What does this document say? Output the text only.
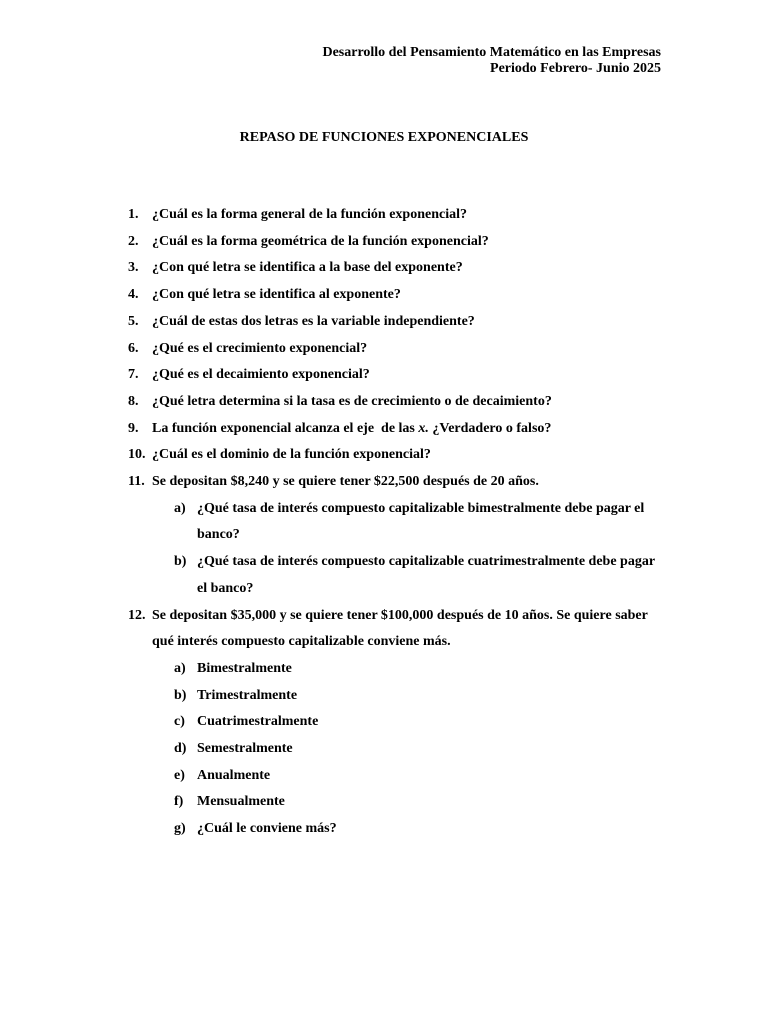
Desarrollo del Pensamiento Matemático en las Empresas
Periodo Febrero- Junio 2025
REPASO DE FUNCIONES EXPONENCIALES
1. ¿Cuál es la forma general de la función exponencial?
2. ¿Cuál es la forma geométrica de la función exponencial?
3. ¿Con qué letra se identifica a la base del exponente?
4. ¿Con qué letra se identifica al exponente?
5. ¿Cuál de estas dos letras es la variable independiente?
6. ¿Qué es el crecimiento exponencial?
7. ¿Qué es el decaimiento exponencial?
8. ¿Qué letra determina si la tasa es de crecimiento o de decaimiento?
9. La función exponencial alcanza el eje  de las x. ¿Verdadero o falso?
10. ¿Cuál es el dominio de la función exponencial?
11. Se depositan $8,240 y se quiere tener $22,500 después de 20 años.
a) ¿Qué tasa de interés compuesto capitalizable bimestralmente debe pagar el banco?
b) ¿Qué tasa de interés compuesto capitalizable cuatrimestralmente debe pagar el banco?
12. Se depositan $35,000 y se quiere tener $100,000 después de 10 años. Se quiere saber qué interés compuesto capitalizable conviene más.
a) Bimestralmente
b) Trimestralmente
c) Cuatrimestralmente
d) Semestralmente
e) Anualmente
f) Mensualmente
g) ¿Cuál le conviene más?
